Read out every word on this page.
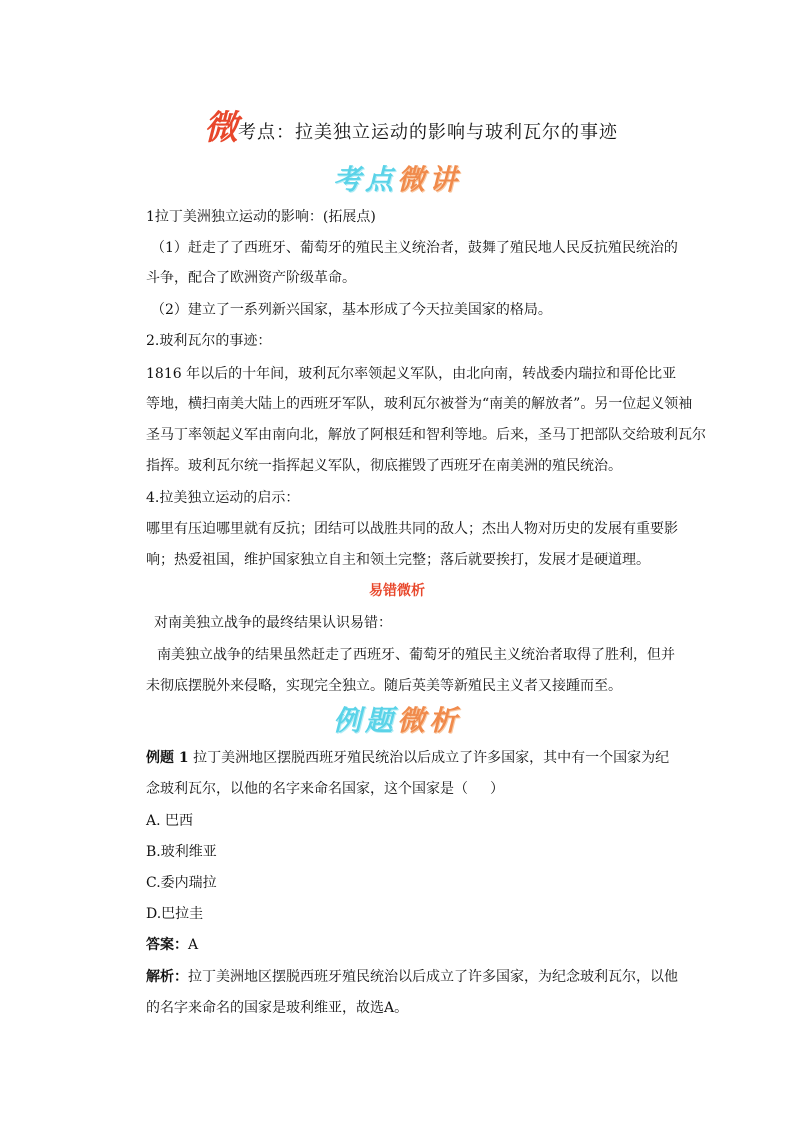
微考点：拉美独立运动的影响与玻利瓦尔的事迹
考点微讲
1拉丁美洲独立运动的影响：(拓展点)
（1）赶走了了西班牙、葡萄牙的殖民主义统治者，鼓舞了殖民地人民反抗殖民统治的
斗争，配合了欧洲资产阶级革命。
（2）建立了一系列新兴国家，基本形成了今天拉美国家的格局。
2.玻利瓦尔的事迹：
1816 年以后的十年间，玻利瓦尔率领起义军队，由北向南，转战委内瑞拉和哥伦比亚
等地，横扫南美大陆上的西班牙军队，玻利瓦尔被誉为“南美的解放者”。另一位起义领袖
圣马丁率领起义军由南向北，解放了阿根廷和智利等地。后来，圣马丁把部队交给玻利瓦尔
指挥。玻利瓦尔统一指挥起义军队，彻底摧毁了西班牙在南美洲的殖民统治。
4.拉美独立运动的启示：
哪里有压迫哪里就有反抗；团结可以战胜共同的敌人；杰出人物对历史的发展有重要影
响；热爱祖国，维护国家独立自主和领土完整；落后就要挨打，发展才是硬道理。
易错微析
对南美独立战争的最终结果认识易错：
南美独立战争的结果虽然赶走了西班牙、葡萄牙的殖民主义统治者取得了胜利，但并
未彻底摆脱外来侵略，实现完全独立。随后英美等新殖民主义者又接踵而至。
例题微析
例题 1 拉丁美洲地区摆脱西班牙殖民统治以后成立了许多国家，其中有一个国家为纪
念玻利瓦尔，以他的名字来命名国家，这个国家是（ ）
A. 巴西
B.玻利维亚
C.委内瑞拉
D.巴拉圭
答案：A
解析：拉丁美洲地区摆脱西班牙殖民统治以后成立了许多国家，为纪念玻利瓦尔，以他
的名字来命名的国家是玻利维亚，故选A。
